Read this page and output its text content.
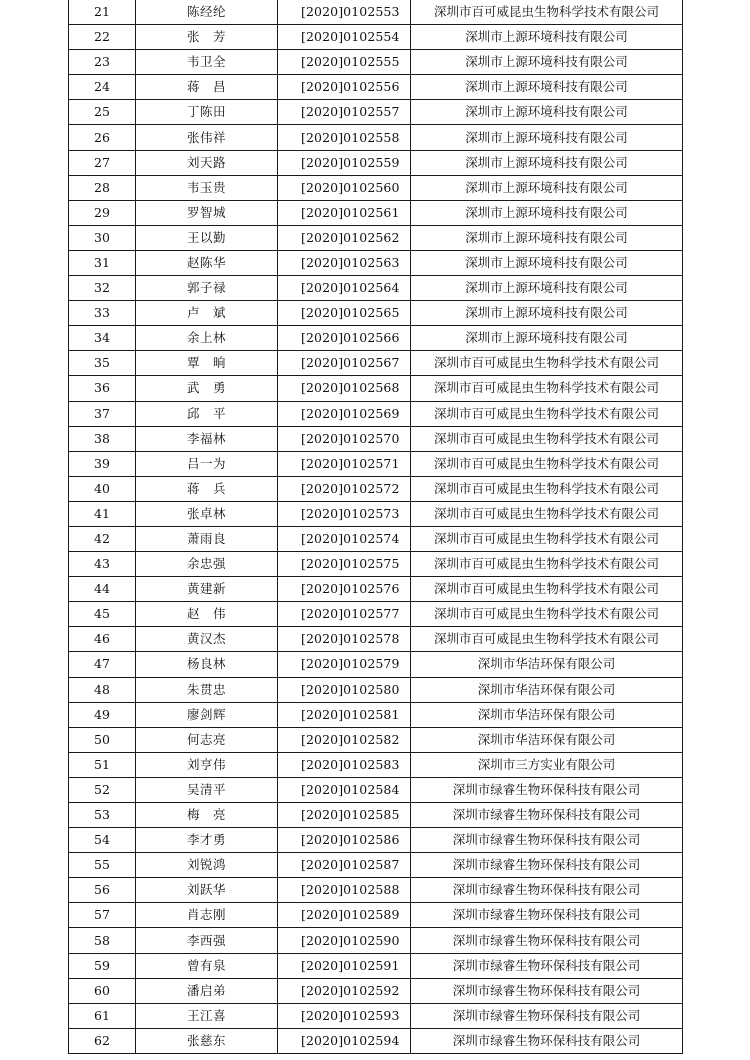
21	陈经纶	[2020]0102553	深圳市百可威昆虫生物科学技术有限公司
22	张　芳	[2020]0102554	深圳市上源环境科技有限公司
23	韦卫全	[2020]0102555	深圳市上源环境科技有限公司
24	蒋　昌	[2020]0102556	深圳市上源环境科技有限公司
25	丁陈田	[2020]0102557	深圳市上源环境科技有限公司
26	张伟祥	[2020]0102558	深圳市上源环境科技有限公司
27	刘天路	[2020]0102559	深圳市上源环境科技有限公司
28	韦玉贵	[2020]0102560	深圳市上源环境科技有限公司
29	罗智城	[2020]0102561	深圳市上源环境科技有限公司
30	王以勤	[2020]0102562	深圳市上源环境科技有限公司
31	赵陈华	[2020]0102563	深圳市上源环境科技有限公司
32	郭子禄	[2020]0102564	深圳市上源环境科技有限公司
33	卢　斌	[2020]0102565	深圳市上源环境科技有限公司
34	余上林	[2020]0102566	深圳市上源环境科技有限公司
35	覃　晌	[2020]0102567	深圳市百可威昆虫生物科学技术有限公司
36	武　勇	[2020]0102568	深圳市百可威昆虫生物科学技术有限公司
37	邱　平	[2020]0102569	深圳市百可威昆虫生物科学技术有限公司
38	李福林	[2020]0102570	深圳市百可威昆虫生物科学技术有限公司
39	吕一为	[2020]0102571	深圳市百可威昆虫生物科学技术有限公司
40	蒋　兵	[2020]0102572	深圳市百可威昆虫生物科学技术有限公司
41	张卓林	[2020]0102573	深圳市百可威昆虫生物科学技术有限公司
42	萧雨良	[2020]0102574	深圳市百可威昆虫生物科学技术有限公司
43	余忠强	[2020]0102575	深圳市百可威昆虫生物科学技术有限公司
44	黄建新	[2020]0102576	深圳市百可威昆虫生物科学技术有限公司
45	赵　伟	[2020]0102577	深圳市百可威昆虫生物科学技术有限公司
46	黄汉杰	[2020]0102578	深圳市百可威昆虫生物科学技术有限公司
47	杨良林	[2020]0102579	深圳市华洁环保有限公司
48	朱贯忠	[2020]0102580	深圳市华洁环保有限公司
49	廖剑辉	[2020]0102581	深圳市华洁环保有限公司
50	何志亮	[2020]0102582	深圳市华洁环保有限公司
51	刘亨伟	[2020]0102583	深圳市三方实业有限公司
52	吴清平	[2020]0102584	深圳市绿睿生物环保科技有限公司
53	梅　亮	[2020]0102585	深圳市绿睿生物环保科技有限公司
54	李才勇	[2020]0102586	深圳市绿睿生物环保科技有限公司
55	刘锐鸿	[2020]0102587	深圳市绿睿生物环保科技有限公司
56	刘跃华	[2020]0102588	深圳市绿睿生物环保科技有限公司
57	肖志刚	[2020]0102589	深圳市绿睿生物环保科技有限公司
58	李西强	[2020]0102590	深圳市绿睿生物环保科技有限公司
59	曾有泉	[2020]0102591	深圳市绿睿生物环保科技有限公司
60	潘启弟	[2020]0102592	深圳市绿睿生物环保科技有限公司
61	王江喜	[2020]0102593	深圳市绿睿生物环保科技有限公司
62	张慈东	[2020]0102594	深圳市绿睿生物环保科技有限公司
